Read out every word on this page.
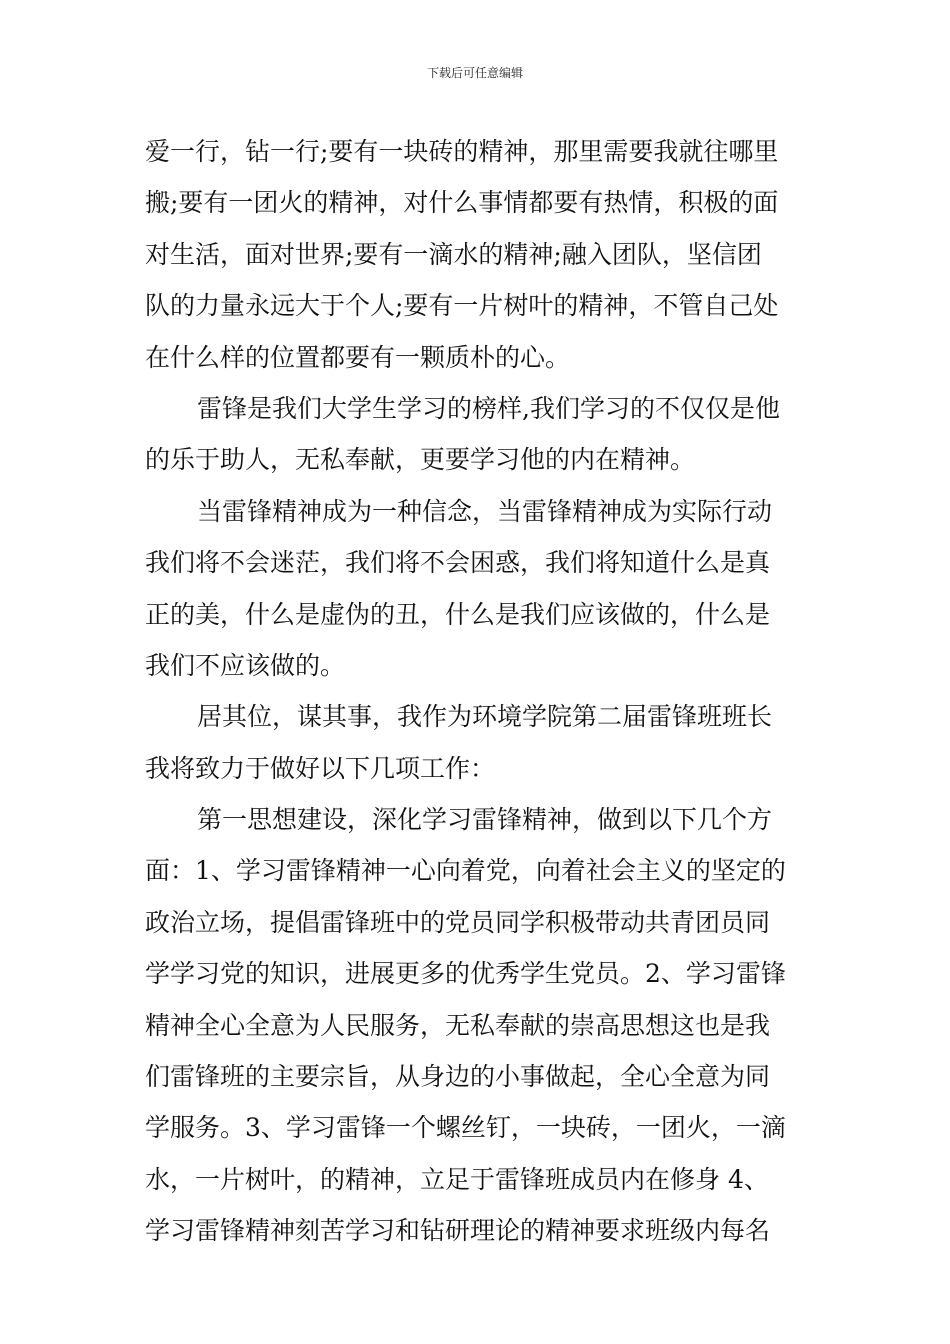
下载后可任意编辑
爱一行，钻一行;要有一块砖的精神，那里需要我就往哪里
搬;要有一团火的精神，对什么事情都要有热情，积极的面
对生活，面对世界;要有一滴水的精神;融入团队，坚信团
队的力量永远大于个人;要有一片树叶的精神，不管自己处
在什么样的位置都要有一颗质朴的心。
雷锋是我们大学生学习的榜样,我们学习的不仅仅是他
的乐于助人，无私奉献，更要学习他的内在精神。
当雷锋精神成为一种信念，当雷锋精神成为实际行动
我们将不会迷茫，我们将不会困惑，我们将知道什么是真
正的美，什么是虚伪的丑，什么是我们应该做的，什么是
我们不应该做的。
居其位，谋其事，我作为环境学院第二届雷锋班班长
我将致力于做好以下几项工作：
第一思想建设，深化学习雷锋精神，做到以下几个方
面：1、学习雷锋精神一心向着党，向着社会主义的坚定的
政治立场，提倡雷锋班中的党员同学积极带动共青团员同
学学习党的知识，进展更多的优秀学生党员。2、学习雷锋
精神全心全意为人民服务，无私奉献的崇高思想这也是我
们雷锋班的主要宗旨，从身边的小事做起，全心全意为同
学服务。3、学习雷锋一个螺丝钉，一块砖，一团火，一滴
水，一片树叶，的精神，立足于雷锋班成员内在修身 4、
学习雷锋精神刻苦学习和钻研理论的精神要求班级内每名
